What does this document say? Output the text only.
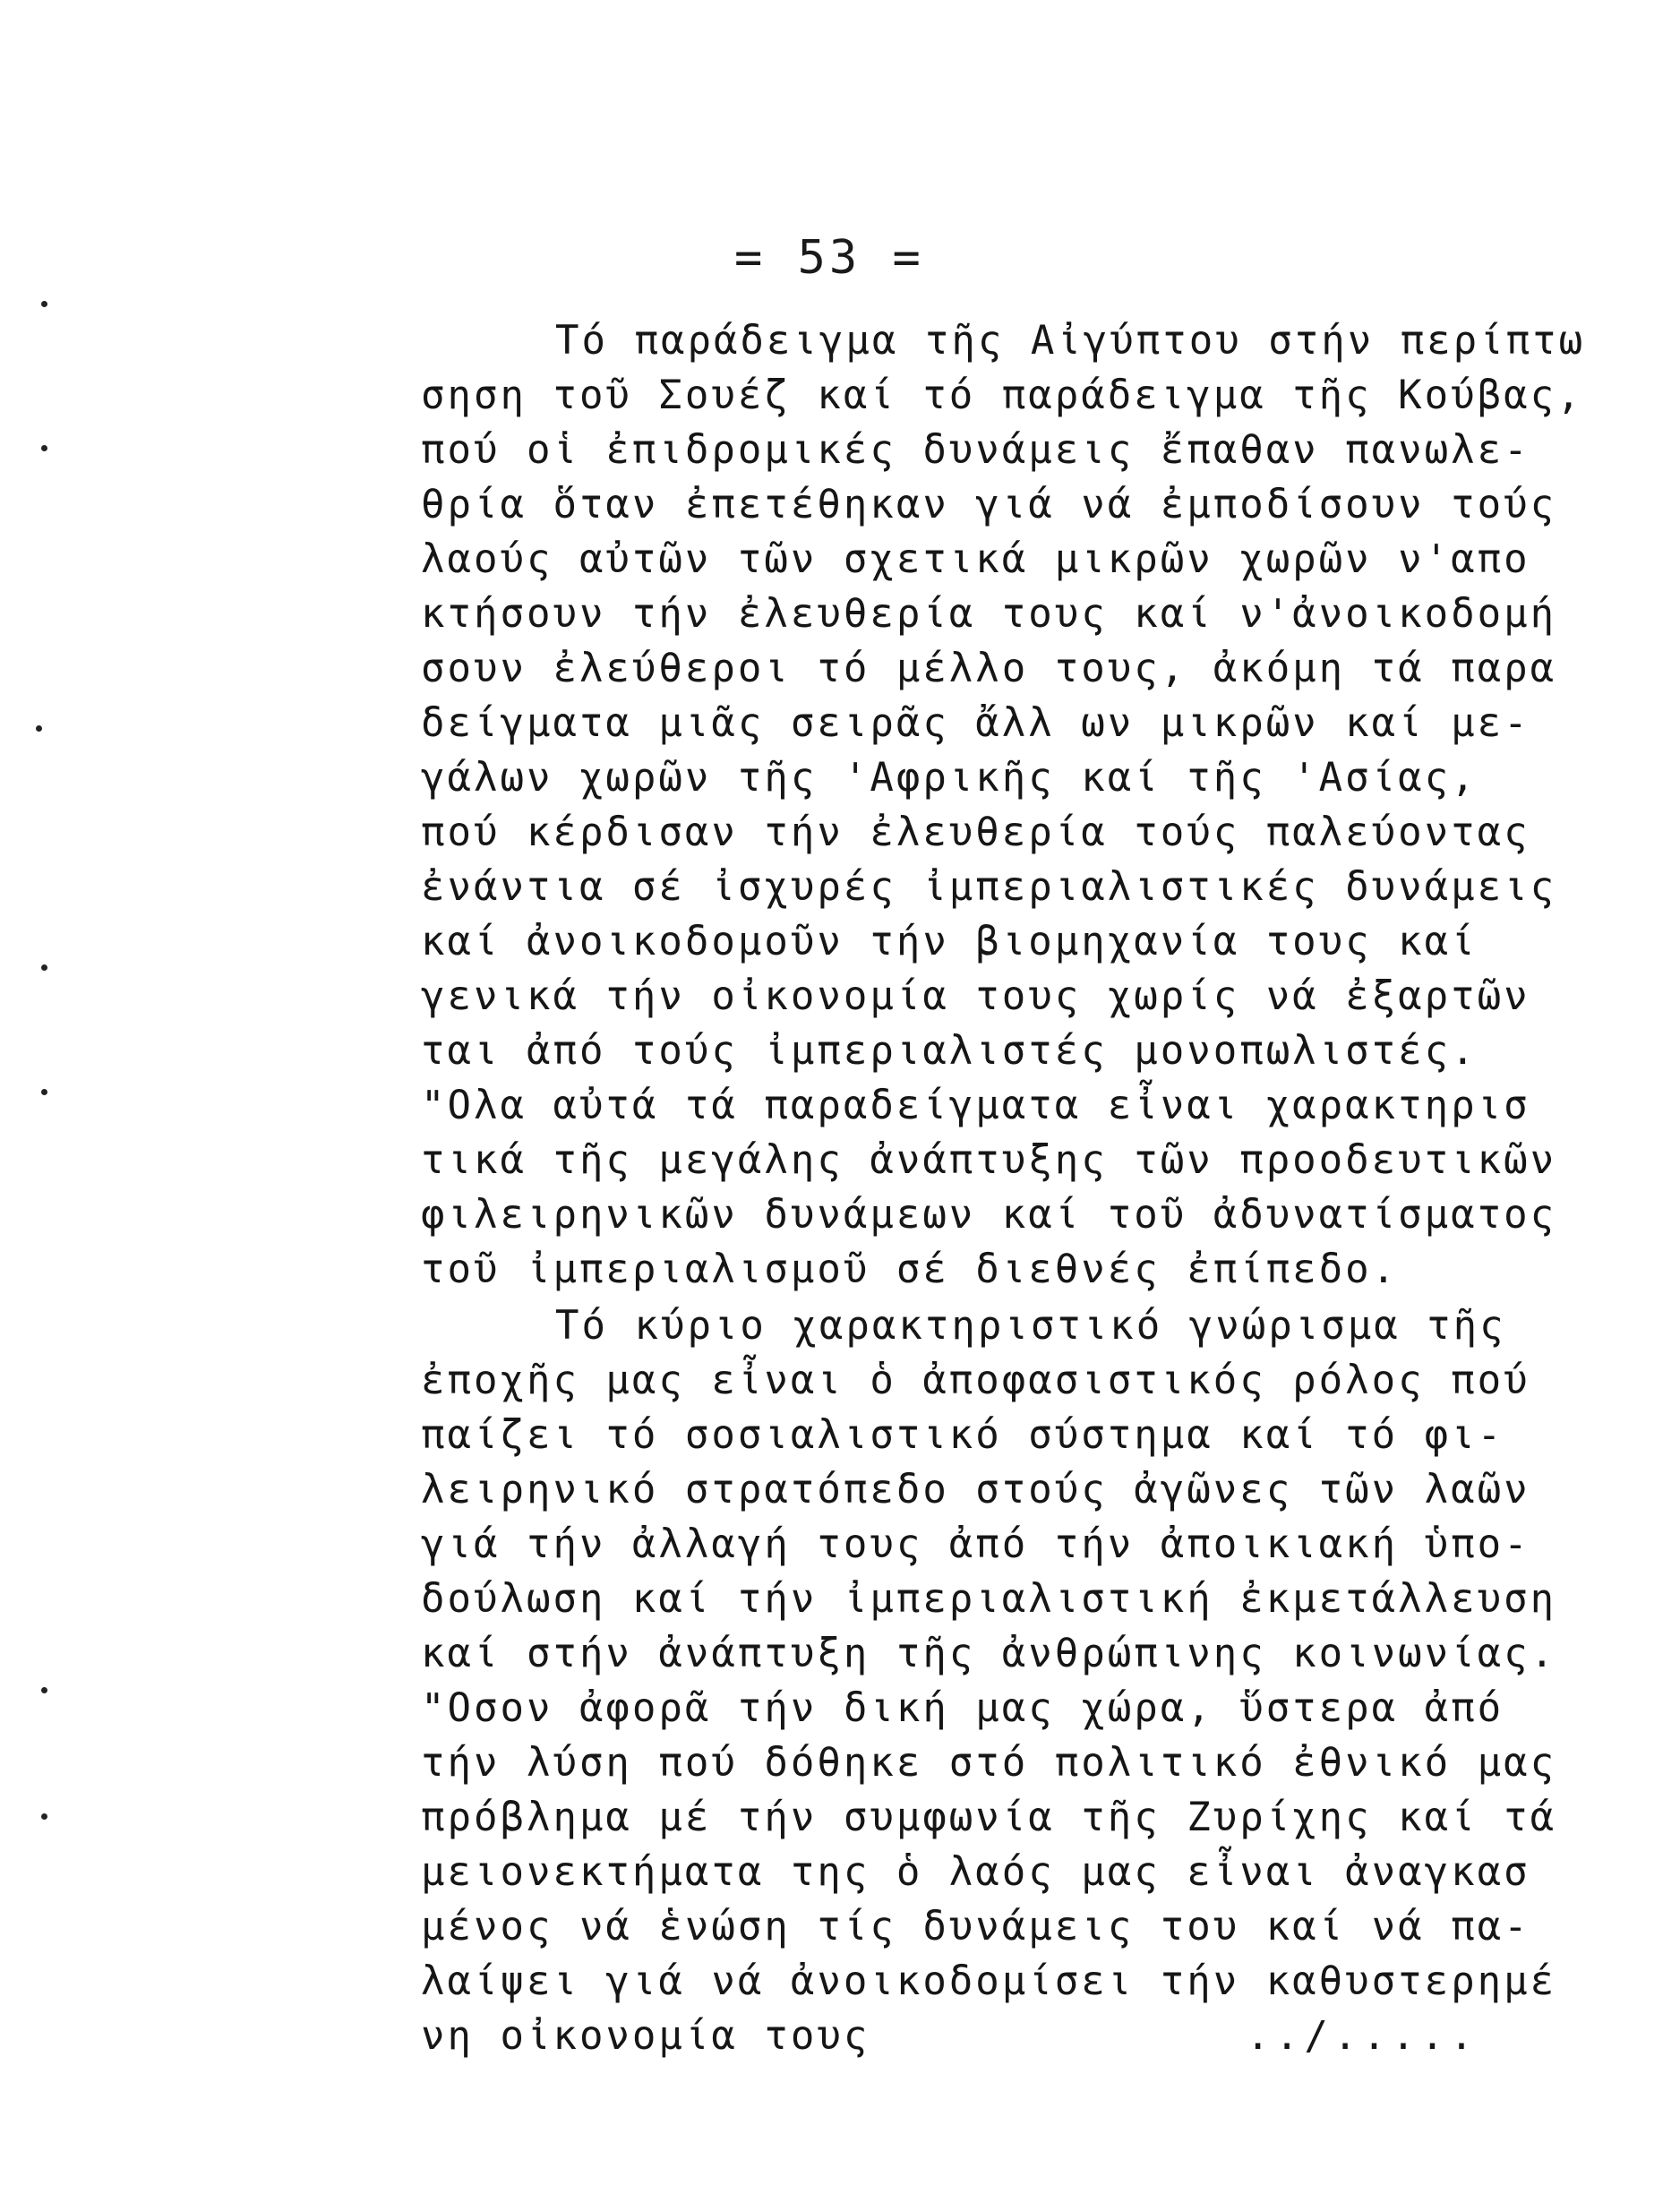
= 53 =
Τό παράδειγμα τῆς Αἰγύπτου στήν περίπτω
σηση τοῦ Σουέζ καί τό παράδειγμα τῆς Κούβας,
πού οἱ ἐπιδρομικές δυνάμεις ἔπαθαν πανωλε-
θρία ὅταν ἐπετέθηκαν γιά νά ἐμποδίσουν τούς
λαούς αὐτῶν τῶν σχετικά μικρῶν χωρῶν ν'απο
κτήσουν τήν ἐλευθερία τους καί ν'ἀνοικοδομή
σουν ἐλεύθεροι τό μέλλο τους, ἀκόμη τά παρα
δείγματα μιᾶς σειρᾶς ἄλλ ων μικρῶν καί με-
γάλων χωρῶν τῆς 'Αφρικῆς καί τῆς 'Ασίας,
πού κέρδισαν τήν ἐλευθερία τούς παλεύοντας
ἐνάντια σέ ἰσχυρές ἰμπεριαλιστικές δυνάμεις
καί ἀνοικοδομοῦν τήν βιομηχανία τους καί
γενικά τήν οἰκονομία τους χωρίς νά ἐξαρτῶν
ται ἀπό τούς ἰμπεριαλιστές μονοπωλιστές.
"Ολα αὐτά τά παραδείγματα εἶναι χαρακτηρισ
τικά τῆς μεγάλης ἀνάπτυξης τῶν προοδευτικῶν
φιλειρηνικῶν δυνάμεων καί τοῦ ἀδυνατίσματος
τοῦ ἰμπεριαλισμοῦ σέ διεθνές ἐπίπεδο.
Τό κύριο χαρακτηριστικό γνώρισμα τῆς
ἐποχῆς μας εἶναι ὁ ἀποφασιστικός ρόλος πού
παίζει τό σοσιαλιστικό σύστημα καί τό φι-
λειρηνικό στρατόπεδο στούς ἀγῶνες τῶν λαῶν
γιά τήν ἀλλαγή τους ἀπό τήν ἀποικιακή ὑπο-
δούλωση καί τήν ἰμπεριαλιστική ἐκμετάλλευση
καί στήν ἀνάπτυξη τῆς ἀνθρώπινης κοινωνίας.
"Οσον ἀφορᾶ τήν δική μας χώρα, ὕστερα ἀπό
τήν λύση πού δόθηκε στό πολιτικό ἐθνικό μας
πρόβλημα μέ τήν συμφωνία τῆς Ζυρίχης καί τά
μειονεκτήματα της ὁ λαός μας εἶναι ἀναγκασ
μένος νά ἑνώση τίς δυνάμεις του καί νά πα-
λαίψει γιά νά ἀνοικοδομίσει τήν καθυστερημέ
νη οἰκονομία τους	../.....
